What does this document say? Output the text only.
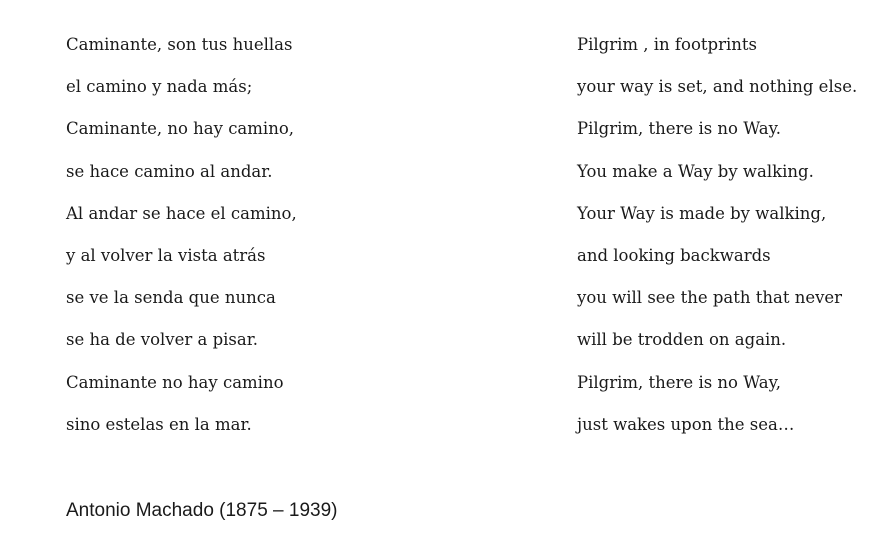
Caminante, son tus huellas
el camino y nada más;
Caminante, no hay camino,
se hace camino al andar.
Al andar se hace el camino,
y al volver la vista atrás
se ve la senda que nunca
se ha de volver a pisar.
Caminante no hay camino
sino estelas en la mar.
Pilgrim , in footprints
your way is set, and nothing else.
Pilgrim, there is no Way.
You make a Way by walking.
Your Way is made by walking,
and looking backwards
you will see the path that never
will be trodden on again.
Pilgrim, there is no Way,
just wakes upon the sea…

Antonio Machado (1875 – 1939)
